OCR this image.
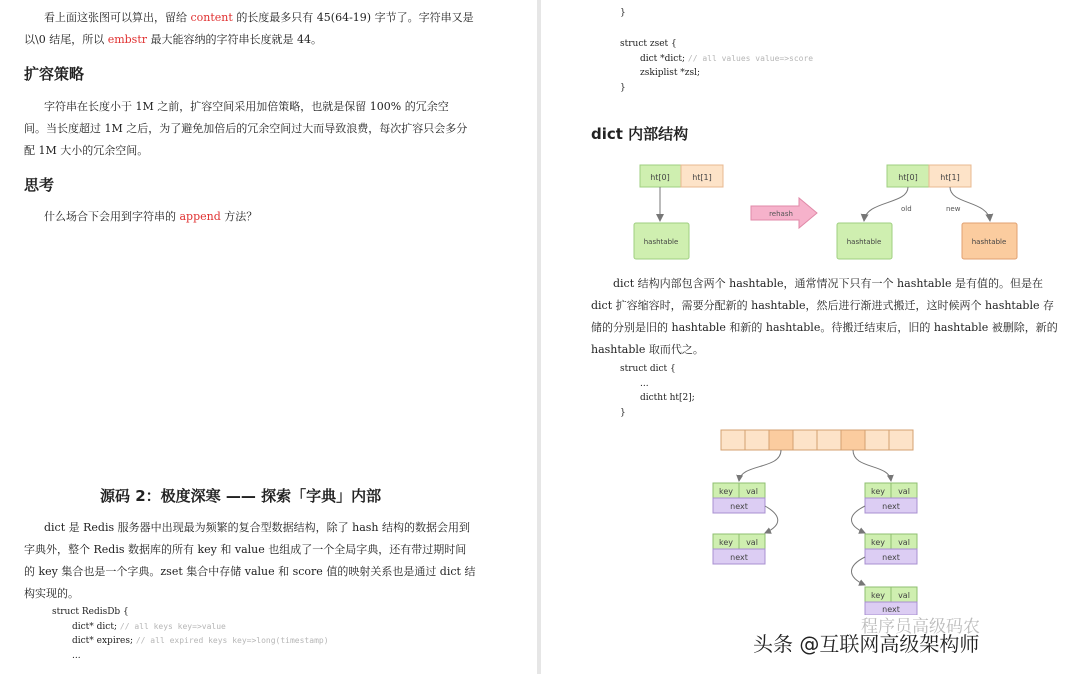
看上面这张图可以算出，留给 content 的长度最多只有 45(64-19) 字节了。字符串又是
以\0 结尾，所以 embstr 最大能容纳的字符串长度就是 44。
扩容策略
字符串在长度小于 1M 之前，扩容空间采用加倍策略，也就是保留 100% 的冗余空
间。当长度超过 1M 之后，为了避免加倍后的冗余空间过大而导致浪费，每次扩容只会多分
配 1M 大小的冗余空间。
思考
什么场合下会用到字符串的 append 方法？
源码 2：极度深寒 —— 探索「字典」内部
dict 是 Redis 服务器中出现最为频繁的复合型数据结构，除了 hash 结构的数据会用到
字典外，整个 Redis 数据库的所有 key 和 value 也组成了一个全局字典，还有带过期时间
的 key 集合也是一个字典。zset 集合中存储 value 和 score 值的映射关系也是通过 dict 结
构实现的。
struct RedisDb {
dict* dict; // all keys key=>value
dict* expires; // all expired keys key=>long(timestamp)
...
}
struct zset {
dict *dict; // all values value=>score
zskiplist *zsl;
}
dict 内部结构
ht[0]	ht[1]
hashtable
rehash
ht[0]	ht[1]
old	new
hashtable	hashtable
dict 结构内部包含两个 hashtable，通常情况下只有一个 hashtable 是有值的。但是在
dict 扩容缩容时，需要分配新的 hashtable，然后进行渐进式搬迁，这时候两个 hashtable 存
储的分别是旧的 hashtable 和新的 hashtable。待搬迁结束后，旧的 hashtable 被删除，新的
hashtable 取而代之。
struct dict {
...
dictht ht[2];
}
key val
next
key val
next
key val
next
key val
next
key val
next
程序员高级码农
头条 @互联网高级架构师
